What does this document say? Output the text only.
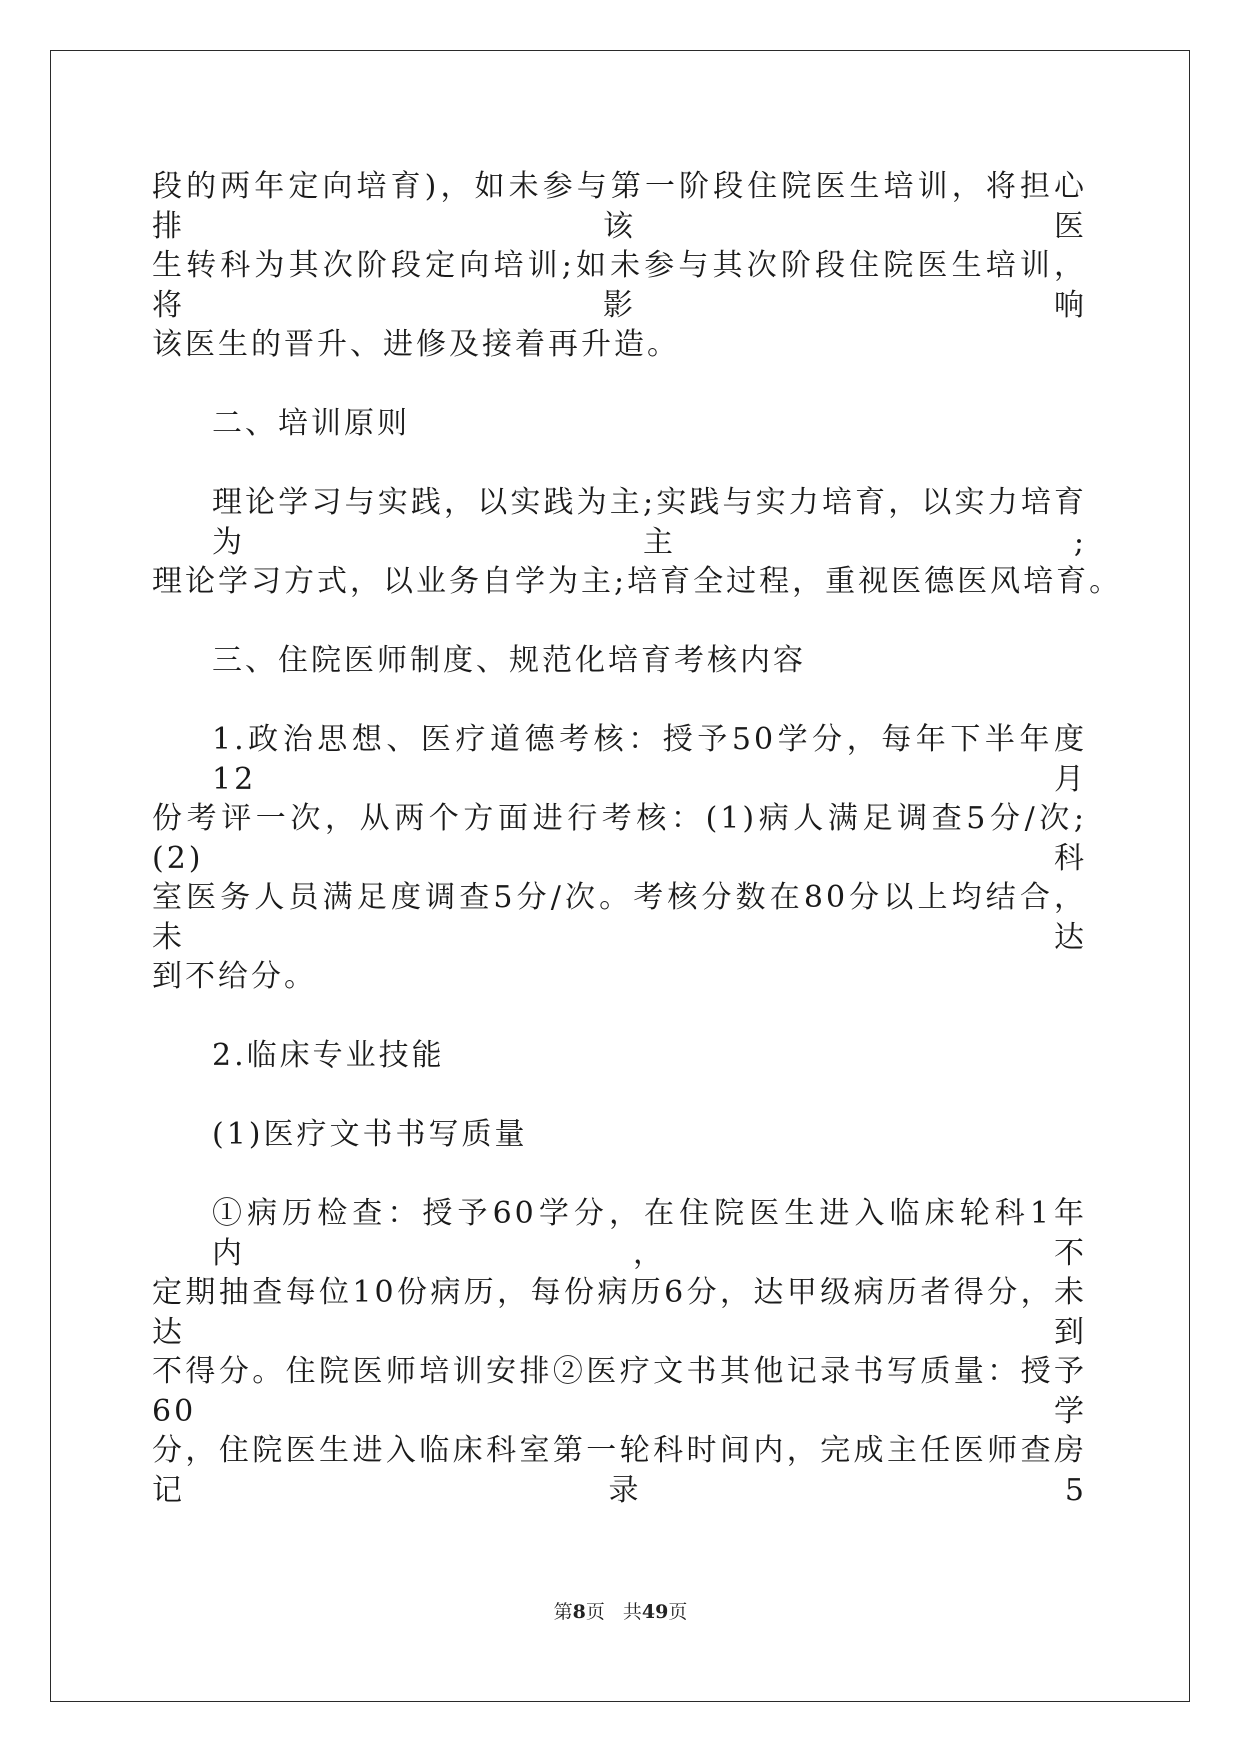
段的两年定向培育)，如未参与第一阶段住院医生培训，将担心排该医
生转科为其次阶段定向培训;如未参与其次阶段住院医生培训，将影响
该医生的晋升、进修及接着再升造。
二、培训原则
理论学习与实践，以实践为主;实践与实力培育，以实力培育为主;
理论学习方式，以业务自学为主;培育全过程，重视医德医风培育。
三、住院医师制度、规范化培育考核内容
1.政治思想、医疗道德考核：授予50学分，每年下半年度12月
份考评一次，从两个方面进行考核：(1)病人满足调查5分/次;(2)科
室医务人员满足度调查5分/次。考核分数在80分以上均结合，未达
到不给分。
2.临床专业技能
(1)医疗文书书写质量
①病历检查：授予60学分，在住院医生进入临床轮科1年内，不
定期抽查每位10份病历，每份病历6分，达甲级病历者得分，未达到
不得分。住院医师培训安排②医疗文书其他记录书写质量：授予60学
分，住院医生进入临床科室第一轮科时间内，完成主任医师查房记录5
第8页 共49页
